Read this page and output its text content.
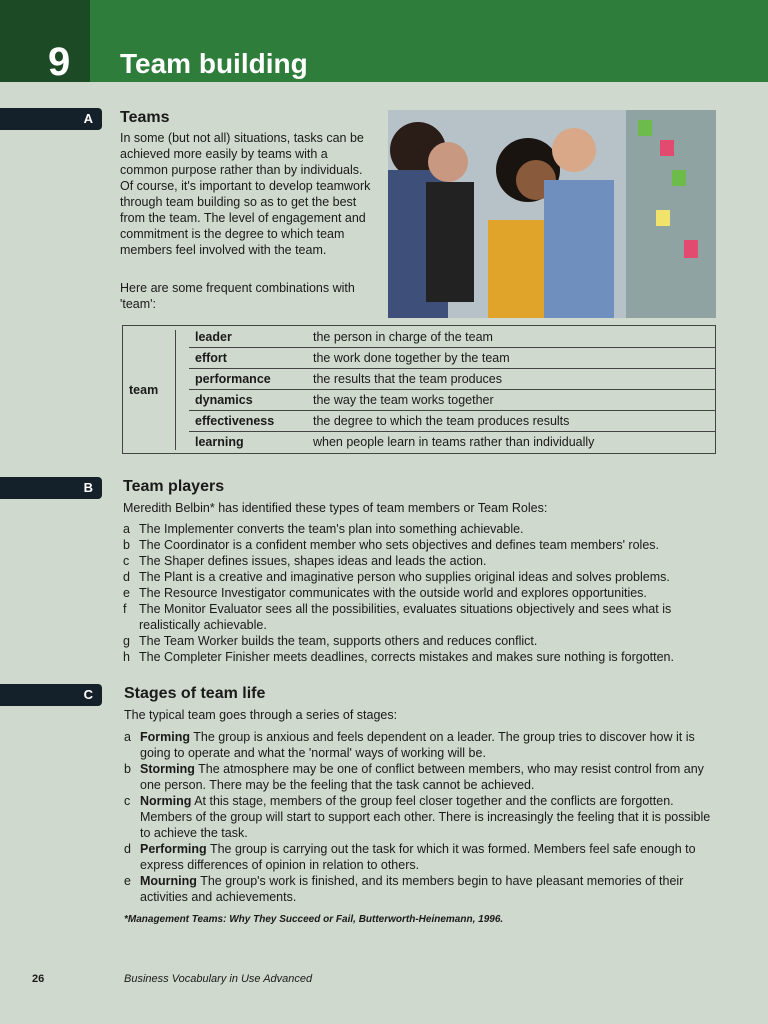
9 Team building
A Teams

In some (but not all) situations, tasks can be achieved more easily by teams with a common purpose rather than by individuals. Of course, it's important to develop teamwork through team building so as to get the best from the team. The level of engagement and commitment is the degree to which team members feel involved with the team.

Here are some frequent combinations with 'team':

team
leader	the person in charge of the team
effort	the work done together by the team
performance	the results that the team produces
dynamics	the way the team works together
effectiveness	the degree to which the team produces results
learning	when people learn in teams rather than individually
B Team players

Meredith Belbin* has identified these types of team members or Team Roles:

a The Implementer converts the team's plan into something achievable.
b The Coordinator is a confident member who sets objectives and defines team members' roles.
c The Shaper defines issues, shapes ideas and leads the action.
d The Plant is a creative and imaginative person who supplies original ideas and solves problems.
e The Resource Investigator communicates with the outside world and explores opportunities.
f The Monitor Evaluator sees all the possibilities, evaluates situations objectively and sees what is realistically achievable.
g The Team Worker builds the team, supports others and reduces conflict.
h The Completer Finisher meets deadlines, corrects mistakes and makes sure nothing is forgotten.
C Stages of team life

The typical team goes through a series of stages:

a Forming The group is anxious and feels dependent on a leader. The group tries to discover how it is going to operate and what the 'normal' ways of working will be.
b Storming The atmosphere may be one of conflict between members, who may resist control from any one person. There may be the feeling that the task cannot be achieved.
c Norming At this stage, members of the group feel closer together and the conflicts are forgotten. Members of the group will start to support each other. There is increasingly the feeling that it is possible to achieve the task.
d Performing The group is carrying out the task for which it was formed. Members feel safe enough to express differences of opinion in relation to others.
e Mourning The group's work is finished, and its members begin to have pleasant memories of their activities and achievements.
*Management Teams: Why They Succeed or Fail, Butterworth-Heinemann, 1996.
26	Business Vocabulary in Use Advanced
